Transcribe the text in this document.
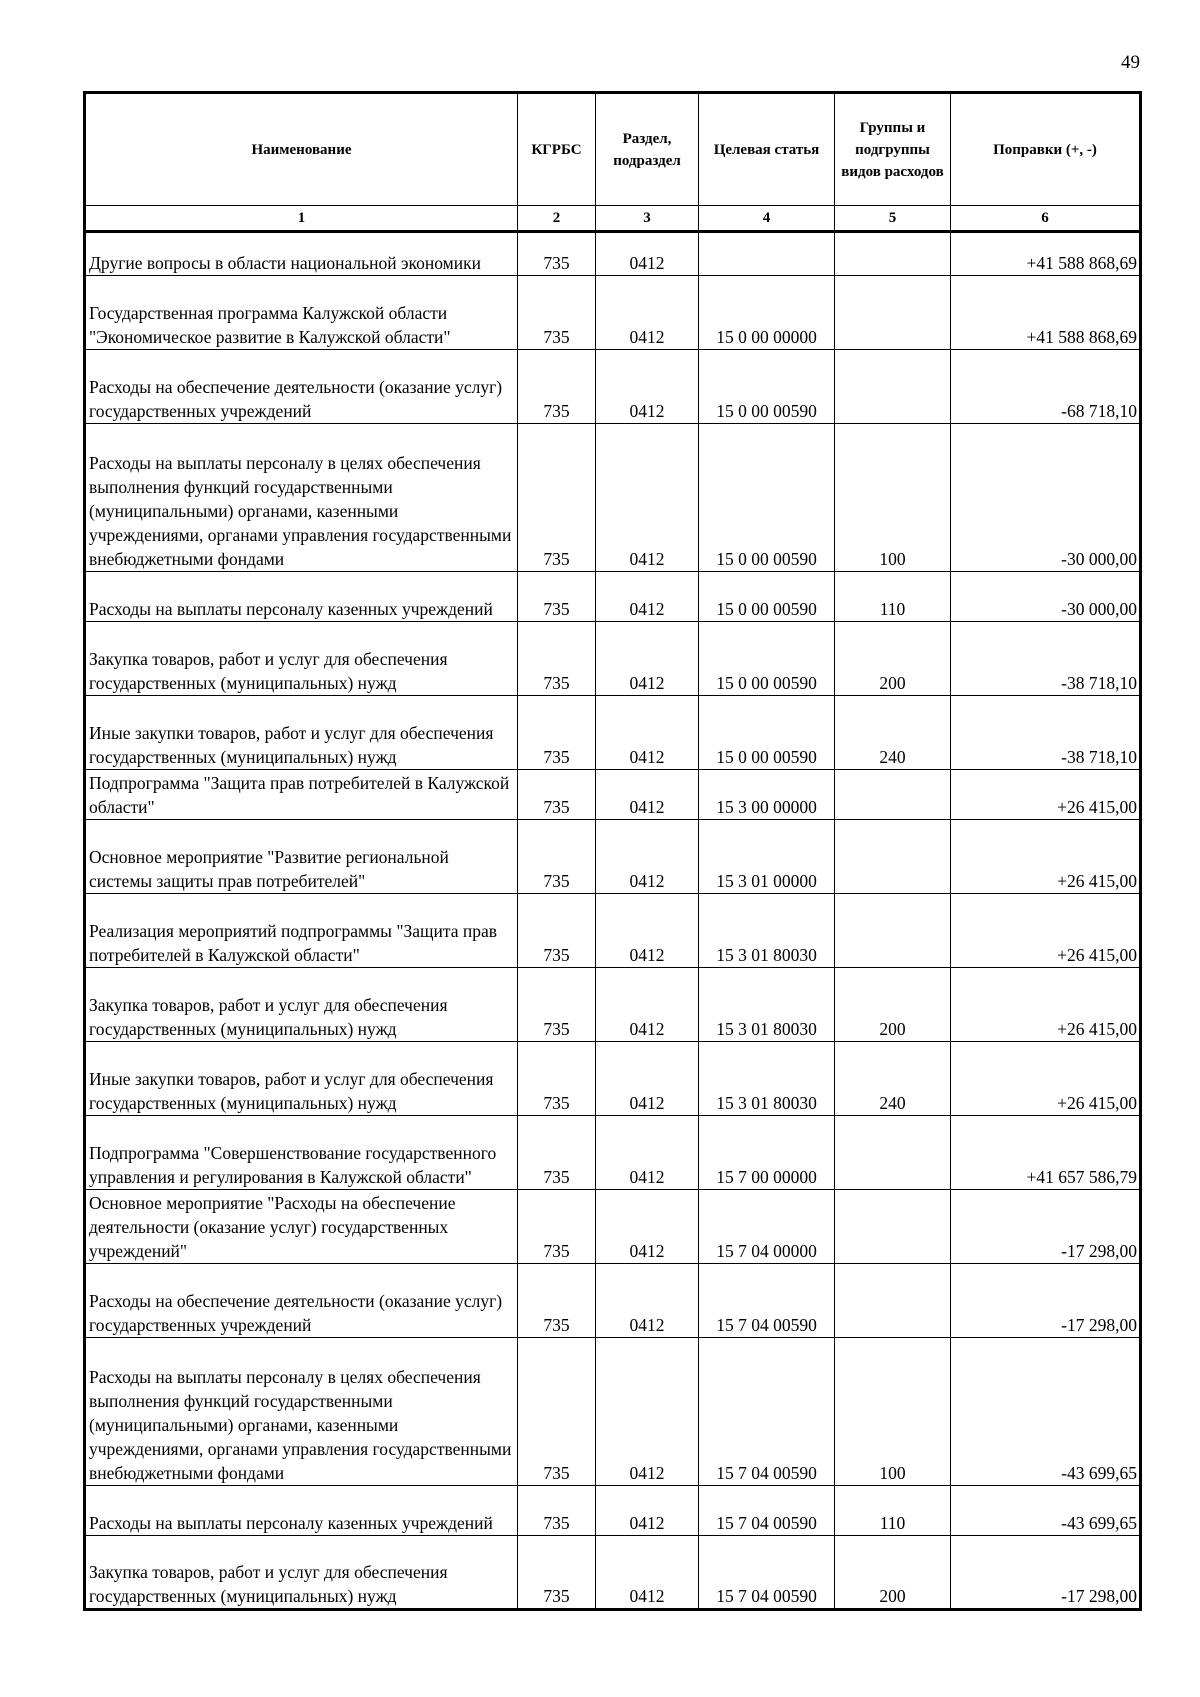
49
Наименование	КГРБС	Раздел, подраздел	Целевая статья	Группы и подгруппы видов расходов	Поправки (+, -)
1	2	3	4	5	6
Другие вопросы в области национальной экономики	735	0412			+41 588 868,69
Государственная программа Калужской области "Экономическое развитие в Калужской области"	735	0412	15 0 00 00000		+41 588 868,69
Расходы на обеспечение деятельности (оказание услуг) государственных учреждений	735	0412	15 0 00 00590		-68 718,10
Расходы на выплаты персоналу в целях обеспечения выполнения функций государственными (муниципальными) органами, казенными учреждениями, органами управления государственными внебюджетными фондами	735	0412	15 0 00 00590	100	-30 000,00
Расходы на выплаты персоналу казенных учреждений	735	0412	15 0 00 00590	110	-30 000,00
Закупка товаров, работ и услуг для обеспечения государственных (муниципальных) нужд	735	0412	15 0 00 00590	200	-38 718,10
Иные закупки товаров, работ и услуг для обеспечения государственных (муниципальных) нужд	735	0412	15 0 00 00590	240	-38 718,10
Подпрограмма "Защита прав потребителей в Калужской области"	735	0412	15 3 00 00000		+26 415,00
Основное мероприятие "Развитие региональной системы защиты прав потребителей"	735	0412	15 3 01 00000		+26 415,00
Реализация мероприятий подпрограммы "Защита прав потребителей в Калужской области"	735	0412	15 3 01 80030		+26 415,00
Закупка товаров, работ и услуг для обеспечения государственных (муниципальных) нужд	735	0412	15 3 01 80030	200	+26 415,00
Иные закупки товаров, работ и услуг для обеспечения государственных (муниципальных) нужд	735	0412	15 3 01 80030	240	+26 415,00
Подпрограмма "Совершенствование государственного управления и регулирования в Калужской области"	735	0412	15 7 00 00000		+41 657 586,79
Основное мероприятие "Расходы на обеспечение деятельности (оказание услуг) государственных учреждений"	735	0412	15 7 04 00000		-17 298,00
Расходы на обеспечение деятельности (оказание услуг) государственных учреждений	735	0412	15 7 04 00590		-17 298,00
Расходы на выплаты персоналу в целях обеспечения выполнения функций государственными (муниципальными) органами, казенными учреждениями, органами управления государственными внебюджетными фондами	735	0412	15 7 04 00590	100	-43 699,65
Расходы на выплаты персоналу казенных учреждений	735	0412	15 7 04 00590	110	-43 699,65
Закупка товаров, работ и услуг для обеспечения государственных (муниципальных) нужд	735	0412	15 7 04 00590	200	-17 298,00
